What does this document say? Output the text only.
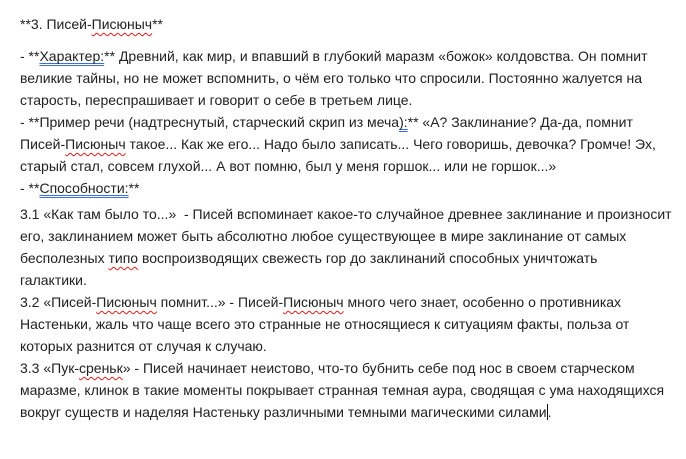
**3. Писей-Писюныч**
- **Характер:** Древний, как мир, и впавший в глубокий маразм «божок» колдовства. Он помнит
великие тайны, но не может вспомнить, о чём его только что спросили. Постоянно жалуется на
старость, переспрашивает и говорит о себе в третьем лице.
- **Пример речи (надтреснутый, старческий скрип из меча):** «А? Заклинание? Да-да, помнит
Писей-Писюныч такое... Как же его... Надо было записать... Чего говоришь, девочка? Громче! Эх,
старый стал, совсем глухой... А вот помню, был у меня горшок... или не горшок...»
- **Способности:**
3.1 «Как там было то...»  - Писей вспоминает какое-то случайное древнее заклинание и произносит
его, заклинанием может быть абсолютно любое существующее в мире заклинание от самых
бесполезных типо воспроизводящих свежесть гор до заклинаний способных уничтожать
галактики.
3.2 «Писей-Писюныч помнит...» - Писей-Писюныч много чего знает, особенно о противниках
Настеньки, жаль что чаще всего это странные не относящиеся к ситуациям факты, польза от
которых разнится от случая к случаю.
3.3 «Пук-среньк» - Писей начинает неистово, что-то бубнить себе под нос в своем старческом
маразме, клинок в такие моменты покрывает странная темная аура, сводящая с ума находящихся
вокруг существ и наделяя Настеньку различными темными магическими силами.
